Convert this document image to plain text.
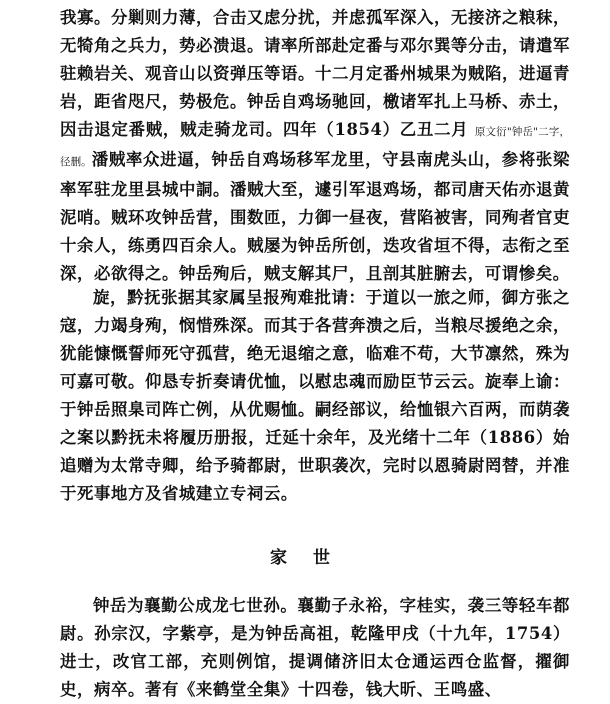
我寡。分剿则力薄，合击又虑分扰，并虑孤军深入，无接济之粮秣，无犄角之兵力，势必溃退。请率所部赴定番与邓尔巽等分击，请遣军驻赖岩关、观音山以资弹压等语。十二月定番州城果为贼陷，进逼青岩，距省咫尺，势极危。钟岳自鸡场驰回，檄诸军扎上马桥、赤土，因击退定番贼，贼走骑龙司。四年（1854）乙丑二月 原文衍"钟岳"二字，径删。潘贼率众进逼，钟岳自鸡场移军龙里，守县南虎头山，参将张梁率军驻龙里县城中詷。潘贼大至，遽引军退鸡场，都司唐天佑亦退黄泥哨。贼环攻钟岳营，围数匝，力御一昼夜，营陷被害，同殉者官吏十余人，练勇四百余人。贼屡为钟岳所创，迭攻省垣不得，志衔之至深，必欲得之。钟岳殉后，贼支解其尸，且剖其脏腑去，可谓惨矣。

旋，黔抚张据其家属呈报殉难批请：于道以一旅之师，御方张之寇，力竭身殉，悯惜殊深。而其于各营奔溃之后，当粮尽援绝之余，犹能慷慨誓师死守孤营，绝无退缩之意，临难不苟，大节凛然，殊为可嘉可敬。仰恳专折奏请优恤，以慰忠魂而励臣节云云。旋奉上谕：于钟岳照臬司阵亡例，从优赐恤。嗣经部议，给恤银六百两，而荫袭之案以黔抚未将履历册报，迁延十余年，及光绪十二年（1886）始追赠为太常寺卿，给予骑都尉，世职袭次，完时以恩骑尉罔替，并准于死事地方及省城建立专祠云。

家 世

钟岳为襄勤公成龙七世孙。襄勤子永裕，字桂实，袭三等轻车都尉。孙宗汉，字紫亭，是为钟岳高祖，乾隆甲戌（十九年，1754）进士，改官工部，充则例馆，提调储济旧太仓通运西仓监督，擢御史，病卒。著有《来鹤堂全集》十四卷，钱大昕、王鸣盛、
